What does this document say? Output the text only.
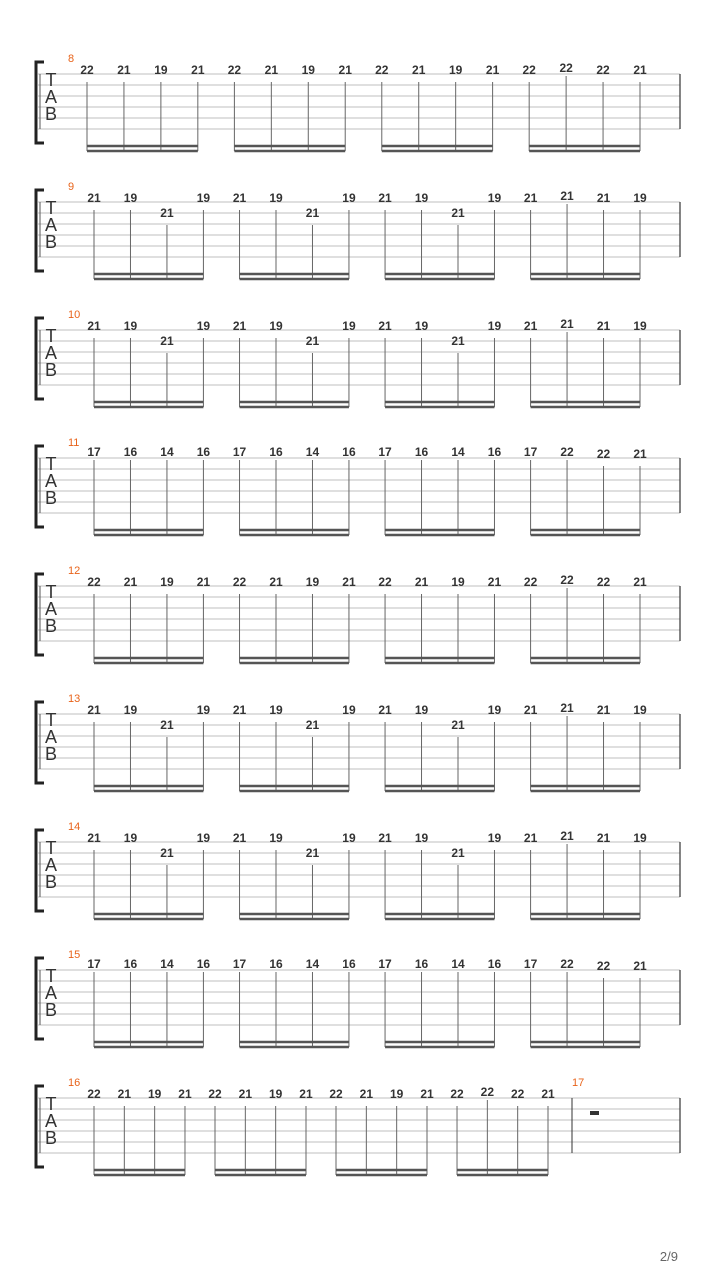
T
A
B
8
22 21 19 21 22 21 19 21 22 21 19 21 22 22 22 21
T
A
B
9
21 19
21
19 21 19
21
19 21 19
21
19 21 21 21 19
T
A
B
10
21 19
21
19 21 19
21
19 21 19
21
19 21 21 21 19
T
A
B
11
17 16 14 16 17 16 14 16 17 16 14 16 17 22 22 21
T
A
B
12
22 21 19 21 22 21 19 21 22 21 19 21 22 22 22 21
T
A
B
13
21 19
21
19 21 19
21
19 21 19
21
19 21 21 21 19
T
A
B
14
21 19
21
19 21 19
21
19 21 19
21
19 21 21 21 19
T
A
B
15
17 16 14 16 17 16 14 16 17 16 14 16 17 22 22 21
T
A
B
16
22 21 19 21 22 21 19 21 22 21 19 21 22 22 22 21
17
2/9
